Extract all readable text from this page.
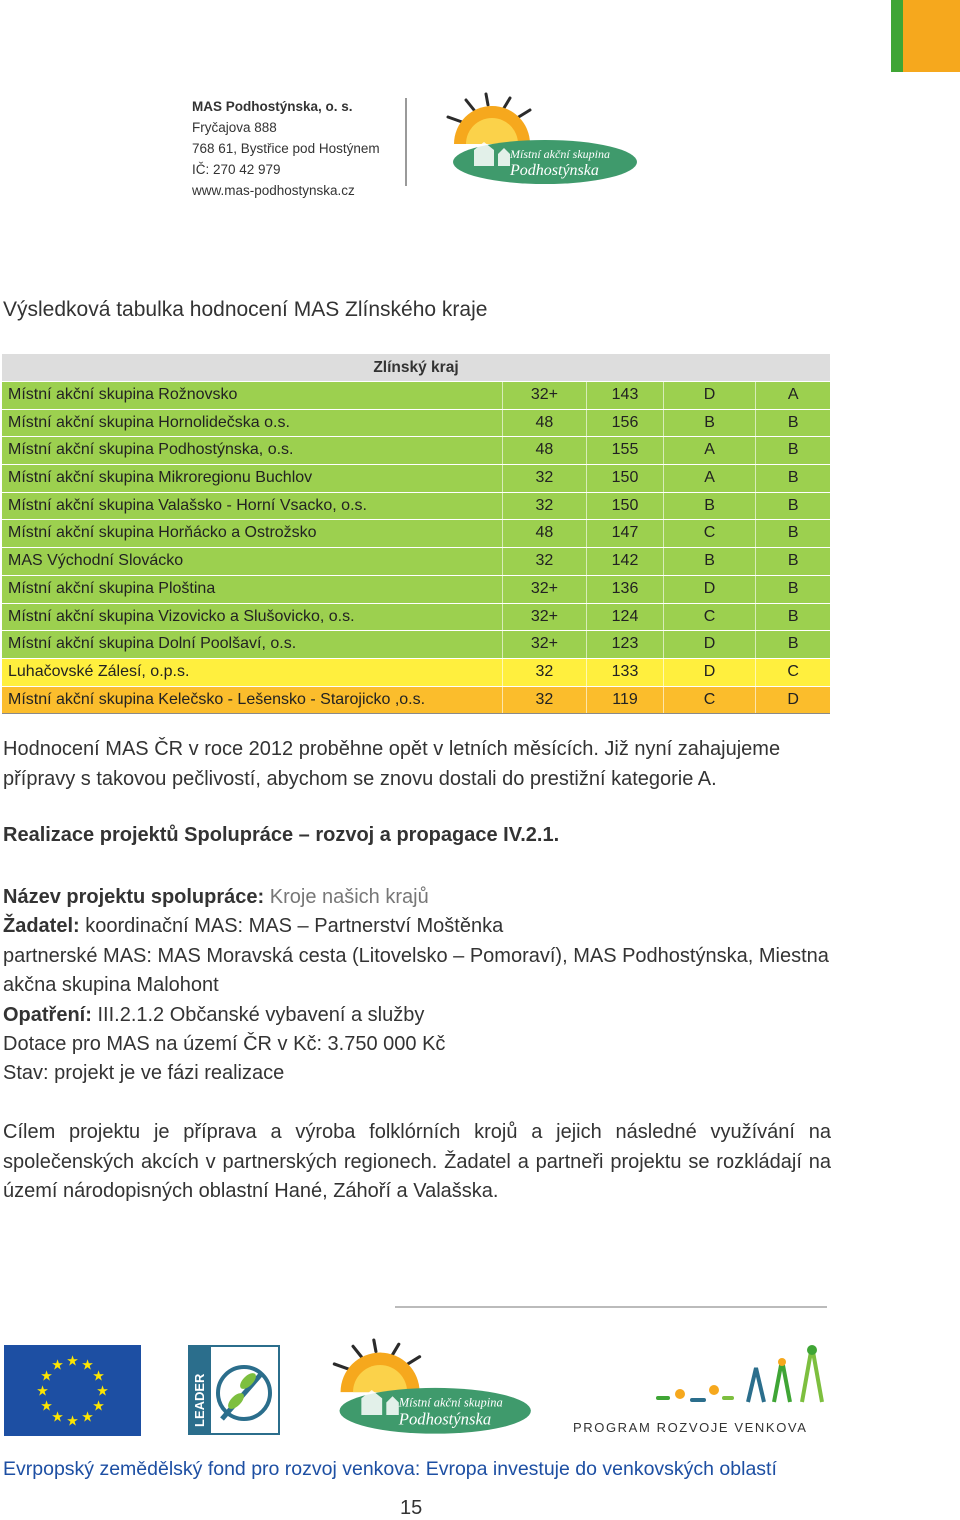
MAS Podhostýnska, o. s.
Fryčajova 888
768 61, Bystřice pod Hostýnem
IČ: 270 42 979
www.mas-podhostynska.cz
Místní akční skupina
Podhostýnska
Výsledková tabulka hodnocení MAS Zlínského kraje
Zlínský kraj
Místní akční skupina Rožnovsko	32+	143	D	A
Místní akční skupina Hornolidečska o.s.	48	156	B	B
Místní akční skupina Podhostýnska, o.s.	48	155	A	B
Místní akční skupina Mikroregionu Buchlov	32	150	A	B
Místní akční skupina Valašsko - Horní Vsacko, o.s.	32	150	B	B
Místní akční skupina Horňácko a Ostrožsko	48	147	C	B
MAS Východní Slovácko	32	142	B	B
Místní akční skupina Ploština	32+	136	D	B
Místní akční skupina Vizovicko a Slušovicko, o.s.	32+	124	C	B
Místní akční skupina Dolní Poolšaví, o.s.	32+	123	D	B
Luhačovské Zálesí, o.p.s.	32	133	D	C
Místní akční skupina Kelečsko - Lešensko - Starojicko ,o.s.	32	119	C	D
Hodnocení MAS ČR v roce 2012 proběhne opět v letních měsících. Již nyní zahajujeme přípravy s takovou pečlivostí, abychom se znovu dostali do prestižní kategorie A.
Realizace projektů Spolupráce – rozvoj a propagace IV.2.1.
Název projektu spolupráce: Kroje našich krajů
Žadatel: koordinační MAS: MAS – Partnerství Moštěnka
partnerské MAS: MAS Moravská cesta (Litovelsko – Pomoraví), MAS Podhostýnska, Miestna akčna skupina Malohont
Opatření: III.2.1.2 Občanské vybavení a služby
Dotace pro MAS na území ČR v Kč: 3.750 000 Kč
Stav: projekt je ve fázi realizace
Cílem projektu je příprava a výroba folklórních krojů a jejich následné využívání na společenských akcích v partnerských regionech. Žadatel a partneři projektu se rozkládají na území národopisných oblastní Hané, Záhoří a Valašska.
★ ★
★
★
★
★
★
★
★
★
★
★
LEADER	Místní akční skupina
Podhostýnska	PROGRAM ROZVOJE VENKOVA
Evrpopský zemědělský fond pro rozvoj venkova: Evropa investuje do venkovských oblastí
15
